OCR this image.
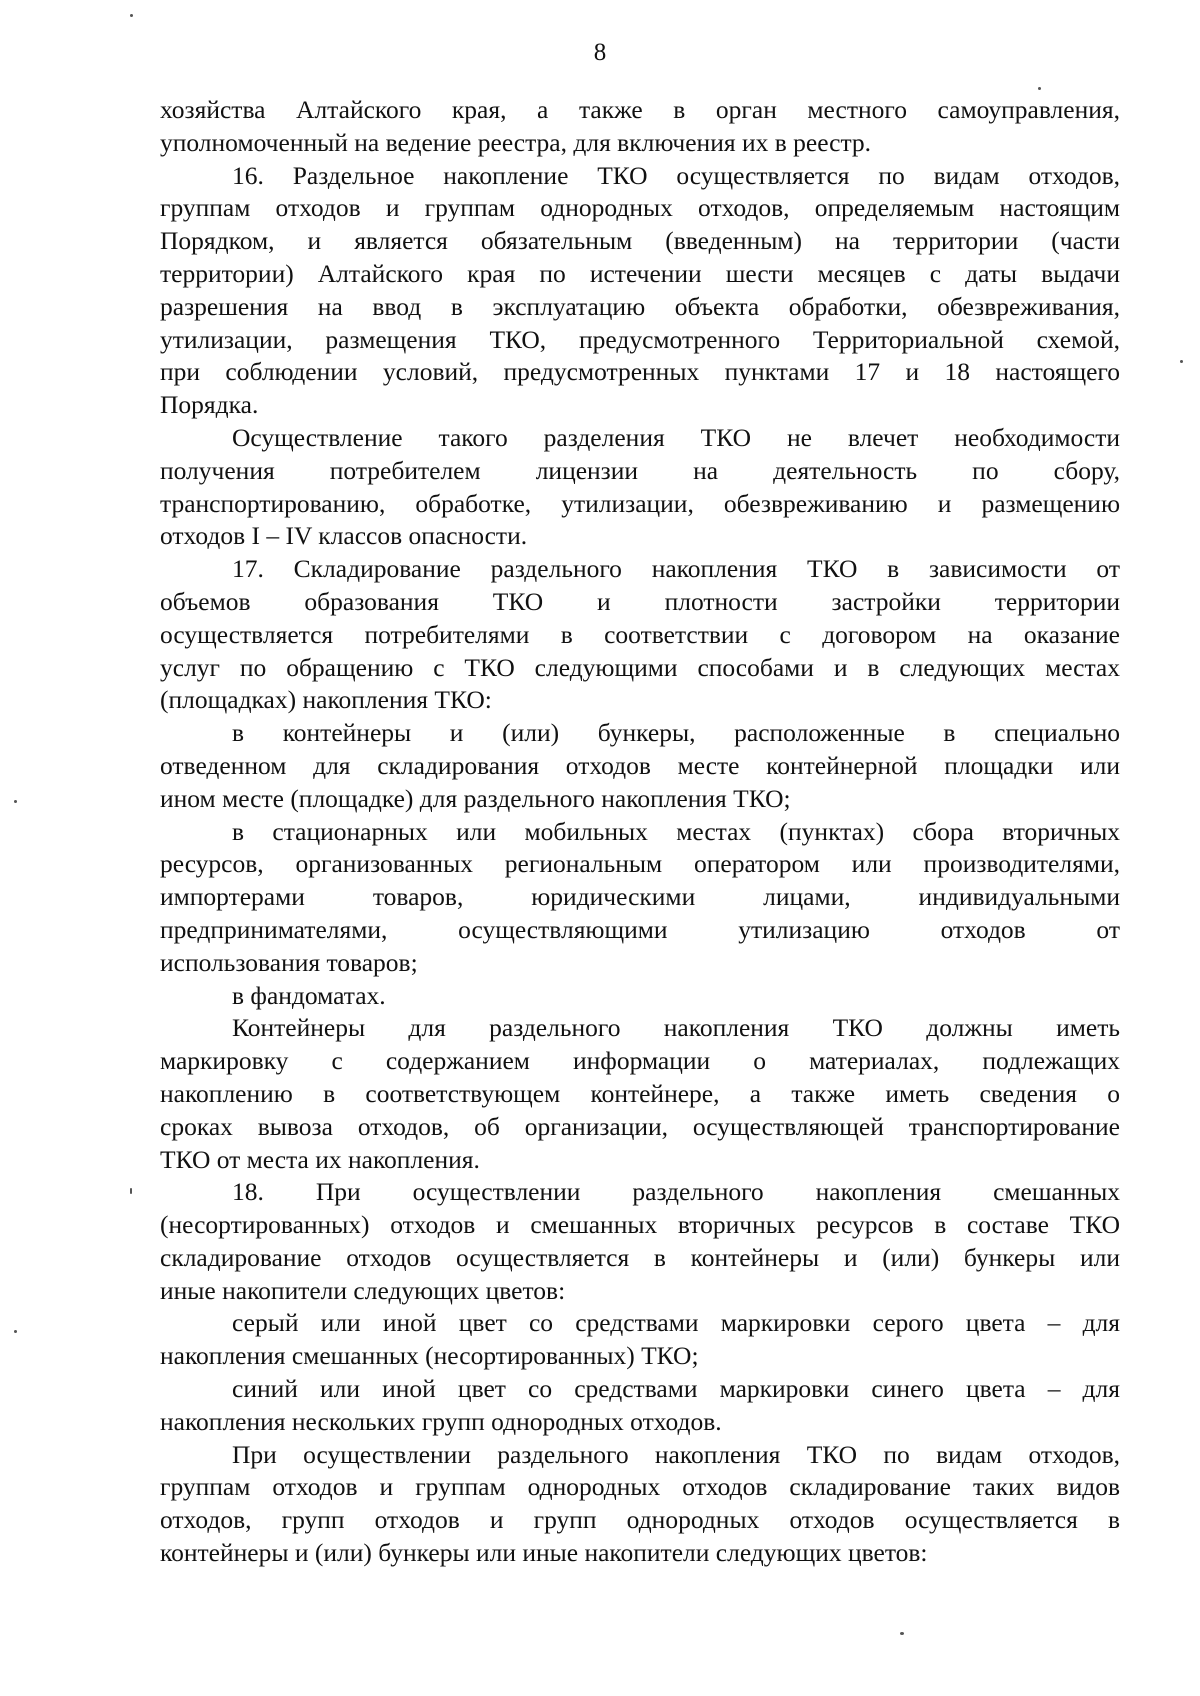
8

хозяйства Алтайского края, а также в орган местного самоуправления,

уполномоченный на ведение реестра, для включения их в реестр.

16. Раздельное накопление ТКО осуществляется по видам отходов,

группам отходов и группам однородных отходов, определяемым настоящим

Порядком, и является обязательным (введенным) на территории (части

территории) Алтайского края по истечении шести месяцев с даты выдачи

разрешения на ввод в эксплуатацию объекта обработки, обезвреживания,

утилизации, размещения ТКО, предусмотренного Территориальной схемой,

при соблюдении условий, предусмотренных пунктами 17 и 18 настоящего

Порядка.

Осуществление такого разделения ТКО не влечет необходимости

получения потребителем лицензии на деятельность по сбору,

транспортированию, обработке, утилизации, обезвреживанию и размещению

отходов I – IV классов опасности.

17. Складирование раздельного накопления ТКО в зависимости от

объемов образования ТКО и плотности застройки территории

осуществляется потребителями в соответствии с договором на оказание

услуг по обращению с ТКО следующими способами и в следующих местах

(площадках) накопления ТКО:

в контейнеры и (или) бункеры, расположенные в специально

отведенном для складирования отходов месте контейнерной площадки или

ином месте (площадке) для раздельного накопления ТКО;

в стационарных или мобильных местах (пунктах) сбора вторичных

ресурсов, организованных региональным оператором или производителями,

импортерами товаров, юридическими лицами, индивидуальными

предпринимателями, осуществляющими утилизацию отходов от

использования товаров;

в фандоматах.

Контейнеры для раздельного накопления ТКО должны иметь

маркировку с содержанием информации о материалах, подлежащих

накоплению в соответствующем контейнере, а также иметь сведения о

сроках вывоза отходов, об организации, осуществляющей транспортирование

ТКО от места их накопления.

18. При осуществлении раздельного накопления смешанных

(несортированных) отходов и смешанных вторичных ресурсов в составе ТКО

складирование отходов осуществляется в контейнеры и (или) бункеры или

иные накопители следующих цветов:

серый или иной цвет со средствами маркировки серого цвета – для

накопления смешанных (несортированных) ТКО;

синий или иной цвет со средствами маркировки синего цвета – для

накопления нескольких групп однородных отходов.

При осуществлении раздельного накопления ТКО по видам отходов,

группам отходов и группам однородных отходов складирование таких видов

отходов, групп отходов и групп однородных отходов осуществляется в

контейнеры и (или) бункеры или иные накопители следующих цветов:
